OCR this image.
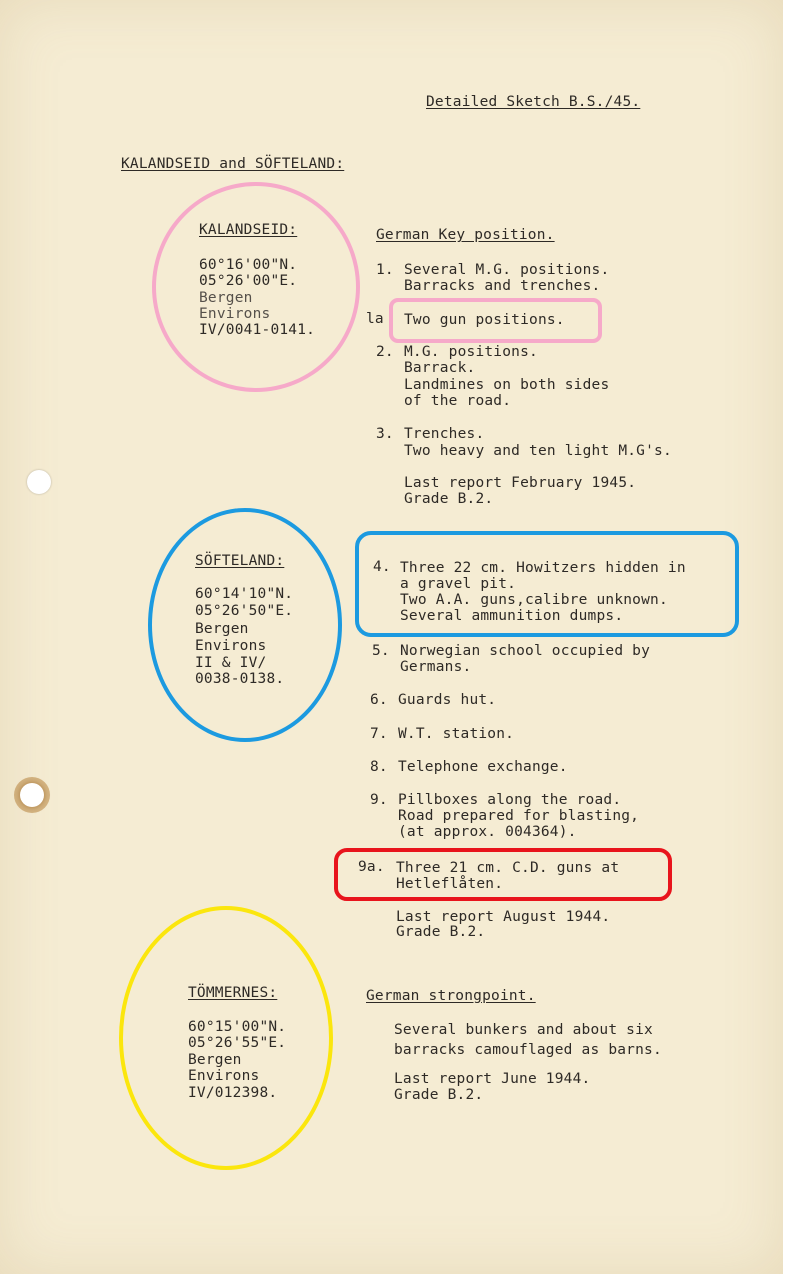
Detailed Sketch B.S./45.
KALANDSEID and SÖFTELAND:
KALANDSEID:
60°16'00"N.
05°26'00"E.
Bergen
Environs
IV/0041-0141.
German Key position.
1. Several M.G. positions.
Barracks and trenches.
la Two gun positions.
2. M.G. positions.
Barrack.
Landmines on both sides
of the road.
3. Trenches.
Two heavy and ten light M.G's.
Last report February 1945.
Grade B.2.
SÖFTELAND:
60°14'10"N.
05°26'50"E.
Bergen
Environs
II & IV/
0038-0138.
4. Three 22 cm. Howitzers hidden in
a gravel pit.
Two A.A. guns,calibre unknown.
Several ammunition dumps.
5. Norwegian school occupied by
Germans.
6. Guards hut.
7. W.T. station.
8. Telephone exchange.
9. Pillboxes along the road.
Road prepared for blasting,
(at approx. 004364).
9a. Three 21 cm. C.D. guns at
Hetleflåten.
Last report August 1944.
Grade B.2.
TÖMMERNES:
60°15'00"N.
05°26'55"E.
Bergen
Environs
IV/012398.
German strongpoint.
Several bunkers and about six
barracks camouflaged as barns.
Last report June 1944.
Grade B.2.
